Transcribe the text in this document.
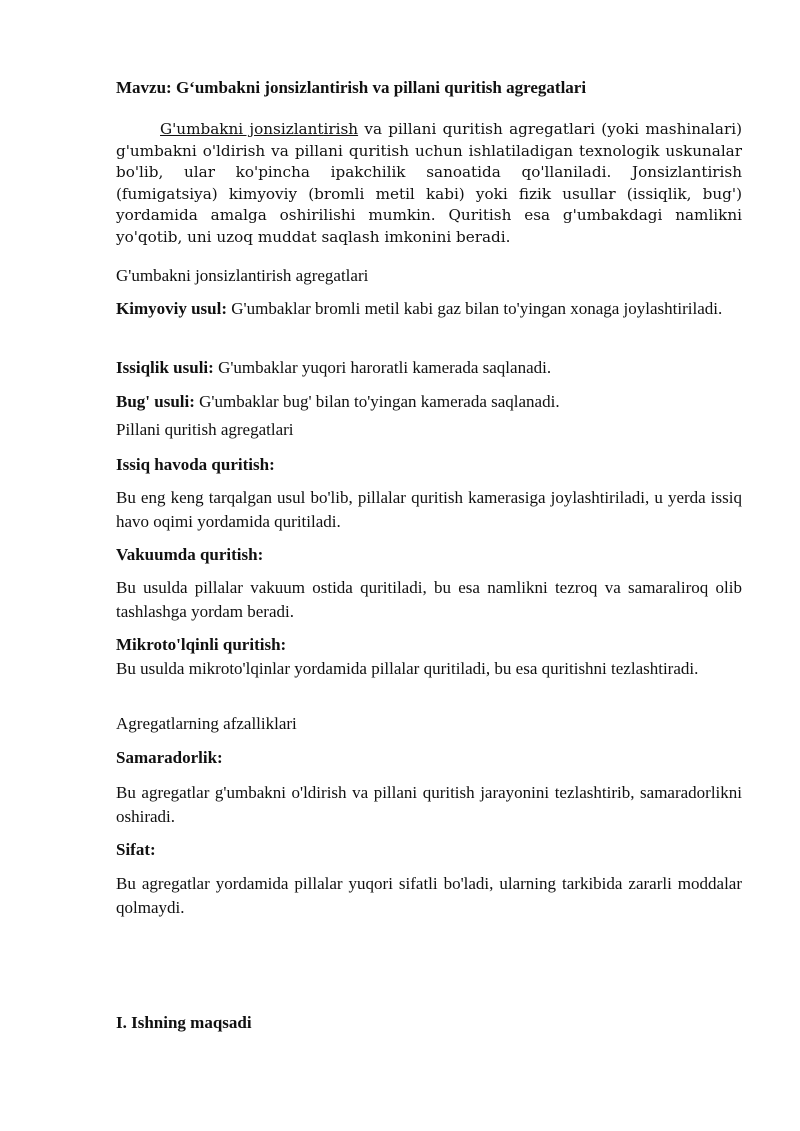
Mavzu: G‘umbakni jonsizlantirish va pillani quritish agregatlari

G'umbakni jonsizlantirish va pillani quritish agregatlari (yoki mashinalari) g'umbakni o'ldirish va pillani quritish uchun ishlatiladigan texnologik uskunalar bo'lib, ular ko'pincha ipakchilik sanoatida qo'llaniladi. Jonsizlantirish (fumigatsiya) kimyoviy (bromli metil kabi) yoki fizik usullar (issiqlik, bug') yordamida amalga oshirilishi mumkin. Quritish esa g'umbakdagi namlikni yo'qotib, uni uzoq muddat saqlash imkonini beradi.

G'umbakni jonsizlantirish agregatlari

Kimyoviy usul: G'umbaklar bromli metil kabi gaz bilan to'yingan xonaga joylashtiriladi.

Issiqlik usuli: G'umbaklar yuqori haroratli kamerada saqlanadi.

Bug' usuli: G'umbaklar bug' bilan to'yingan kamerada saqlanadi.

Pillani quritish agregatlari

Issiq havoda quritish:

Bu eng keng tarqalgan usul bo'lib, pillalar quritish kamerasiga joylashtiriladi, u yerda issiq havo oqimi yordamida quritiladi.

Vakuumda quritish:

Bu usulda pillalar vakuum ostida quritiladi, bu esa namlikni tezroq va samaraliroq olib tashlashga yordam beradi.

Mikroto'lqinli quritish:

Bu usulda mikroto'lqinlar yordamida pillalar quritiladi, bu esa quritishni tezlashtiradi.

Agregatlarning afzalliklari

Samaradorlik:

Bu agregatlar g'umbakni o'ldirish va pillani quritish jarayonini tezlashtirib, samaradorlikni oshiradi.

Sifat:

Bu agregatlar yordamida pillalar yuqori sifatli bo'ladi, ularning tarkibida zararli moddalar qolmaydi.

I. Ishning maqsadi
